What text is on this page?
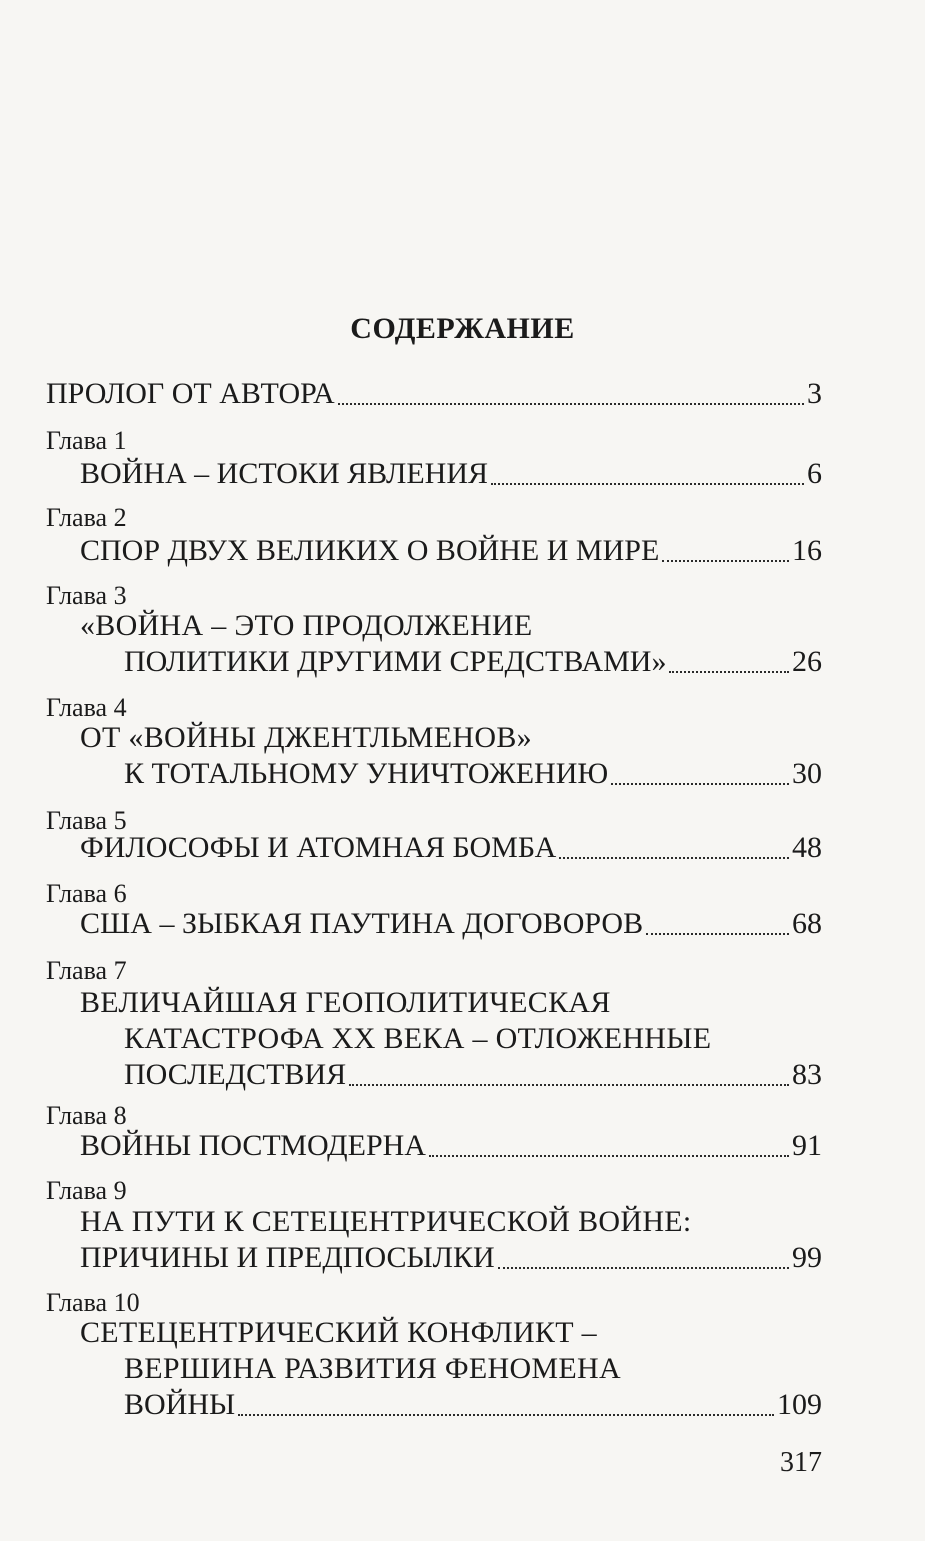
СОДЕРЖАНИЕ
ПРОЛОГ ОТ АВТОРА	3
Глава 1
ВОЙНА – ИСТОКИ ЯВЛЕНИЯ	6
Глава 2
СПОР ДВУХ ВЕЛИКИХ О ВОЙНЕ И МИРЕ	16
Глава 3
«ВОЙНА – ЭТО ПРОДОЛЖЕНИЕ
ПОЛИТИКИ ДРУГИМИ СРЕДСТВАМИ»	26
Глава 4
ОТ «ВОЙНЫ ДЖЕНТЛЬМЕНОВ»
К ТОТАЛЬНОМУ УНИЧТОЖЕНИЮ	30
Глава 5
ФИЛОСОФЫ И АТОМНАЯ БОМБА	48
Глава 6
США – ЗЫБКАЯ ПАУТИНА ДОГОВОРОВ	68
Глава 7
ВЕЛИЧАЙШАЯ ГЕОПОЛИТИЧЕСКАЯ
КАТАСТРОФА ХХ ВЕКА – ОТЛОЖЕННЫЕ
ПОСЛЕДСТВИЯ	83
Глава 8
ВОЙНЫ ПОСТМОДЕРНА	91
Глава 9
НА ПУТИ К СЕТЕЦЕНТРИЧЕСКОЙ ВОЙНЕ:
ПРИЧИНЫ И ПРЕДПОСЫЛКИ	99
Глава 10
СЕТЕЦЕНТРИЧЕСКИЙ КОНФЛИКТ –
ВЕРШИНА РАЗВИТИЯ ФЕНОМЕНА
ВОЙНЫ	109
317
